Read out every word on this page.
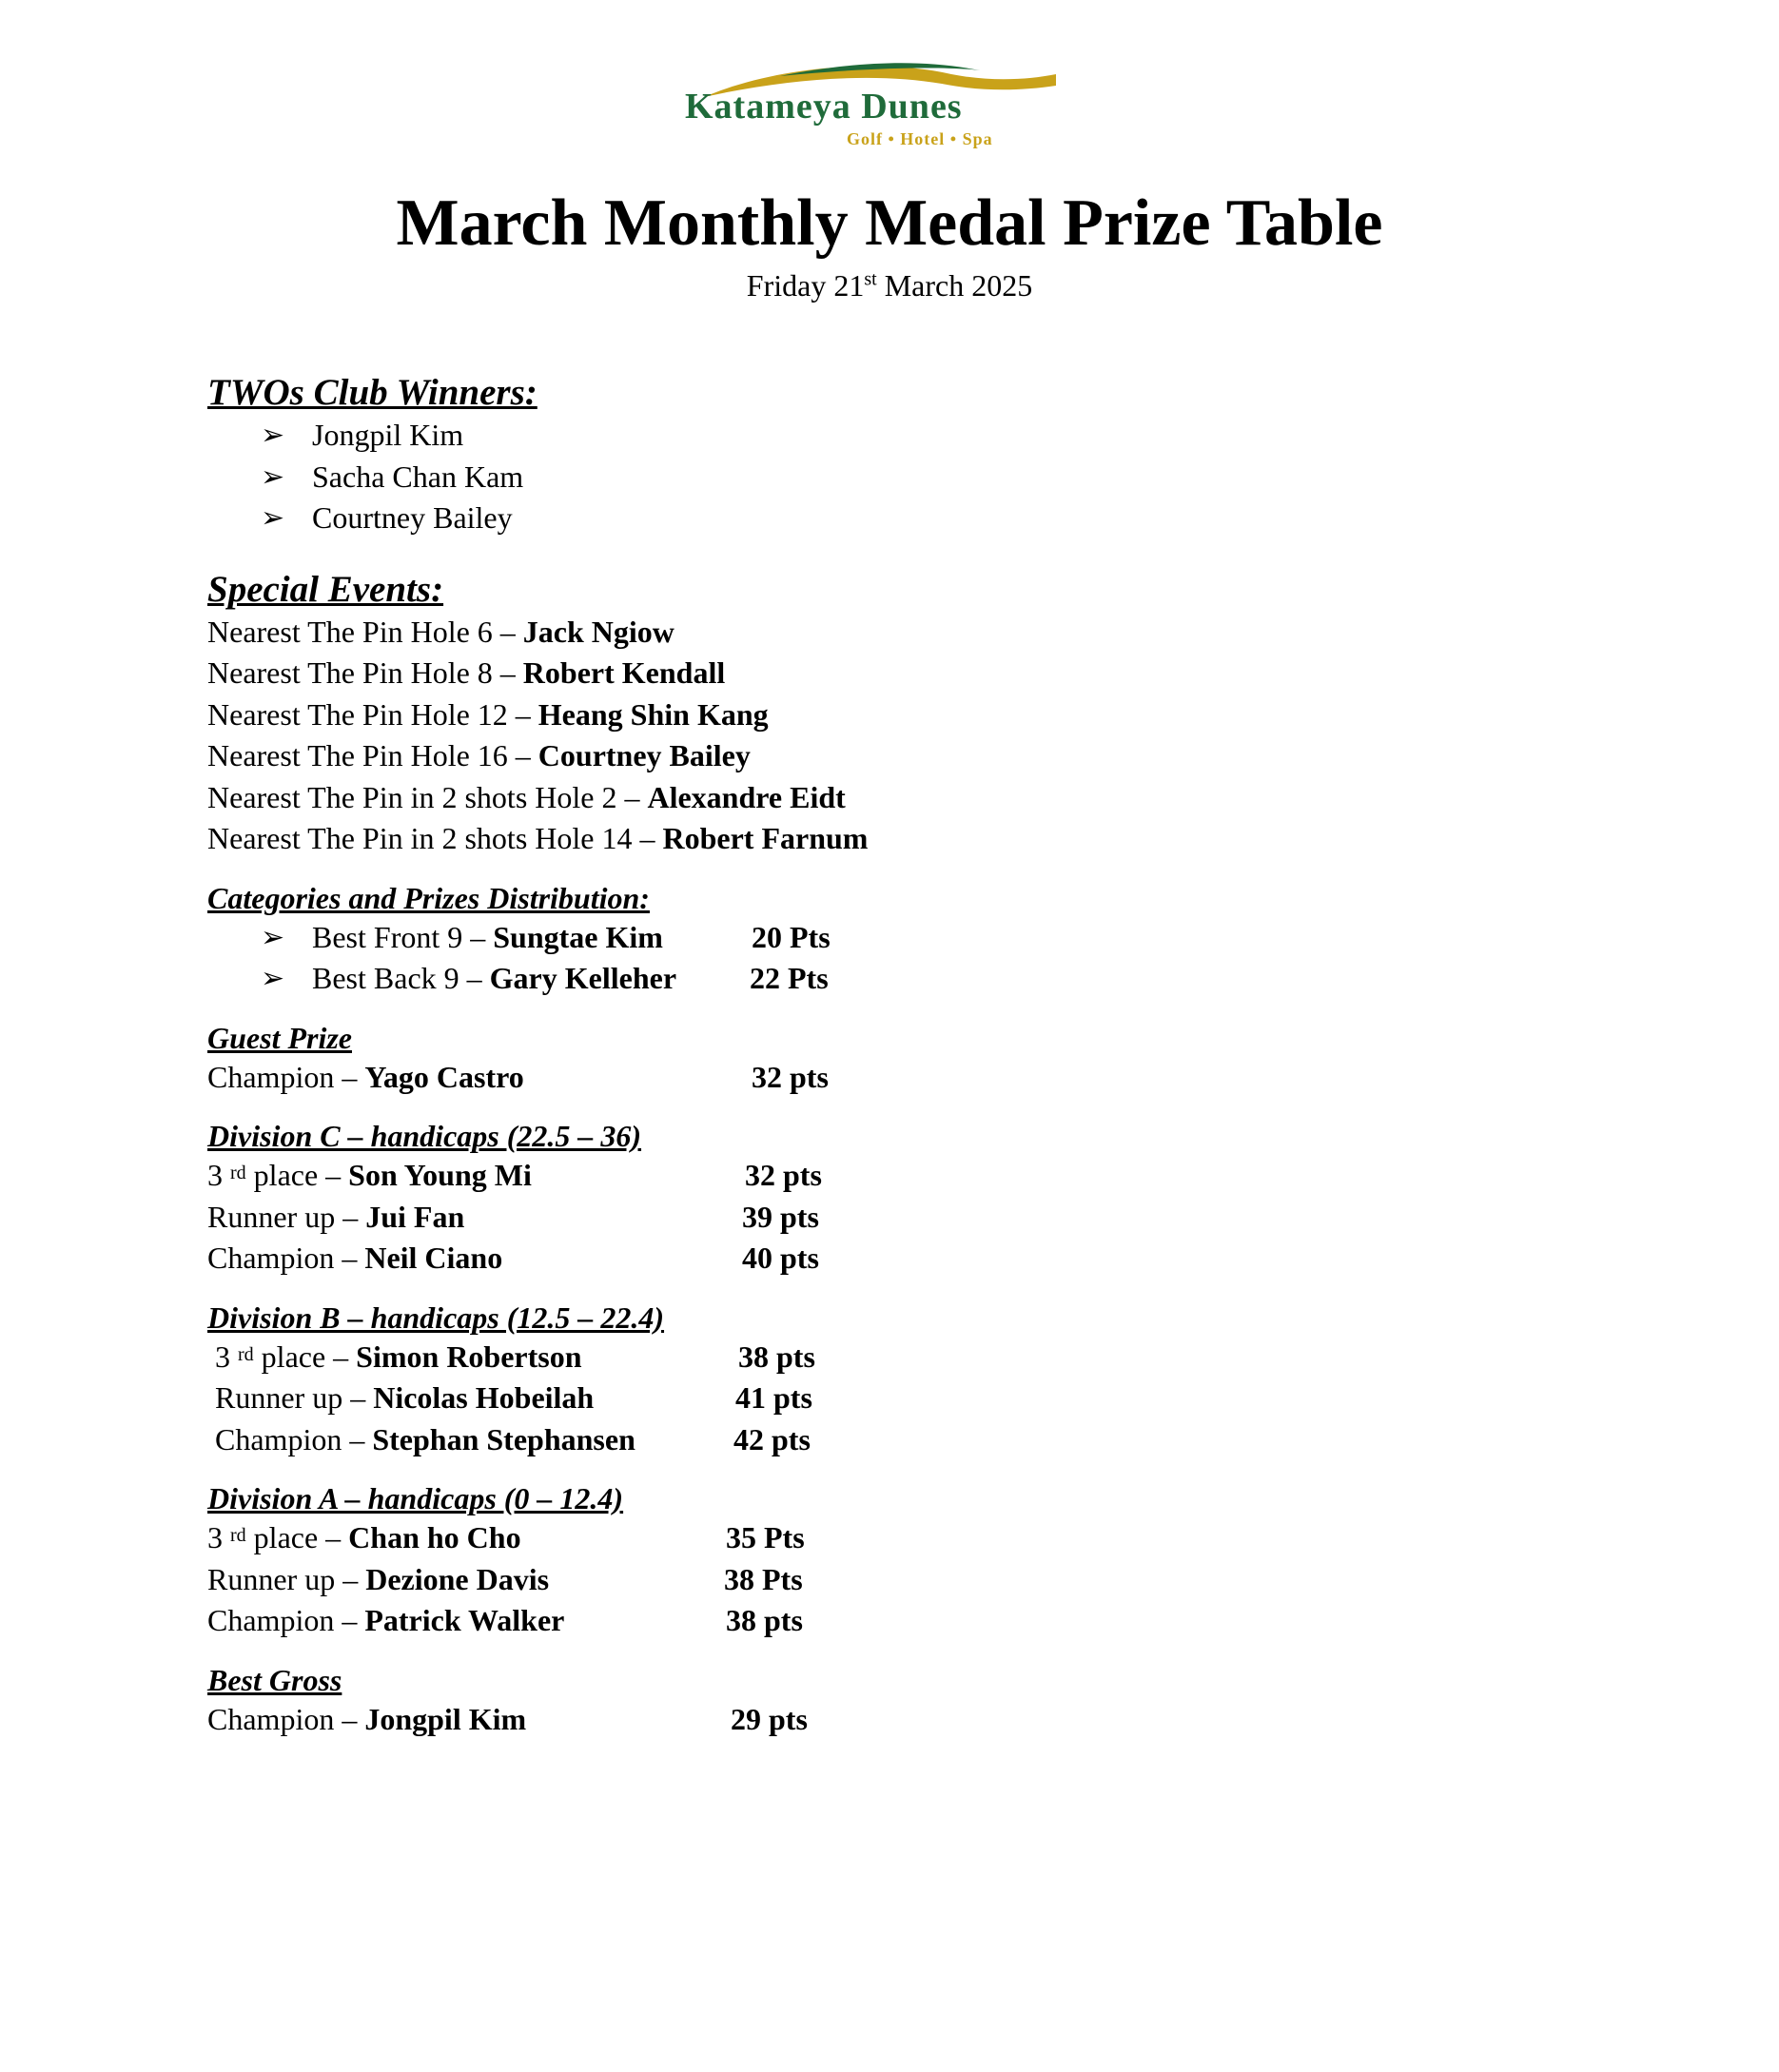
Katameya Dunes
Golf • Hotel • Spa
March Monthly Medal Prize Table
Friday 21st March 2025

TWOs Club Winners:

➢ Jongpil Kim
➢ Sacha Chan Kam
➢ Courtney Bailey

Special Events:

Nearest The Pin Hole 6 – Jack Ngiow
Nearest The Pin Hole 8 – Robert Kendall
Nearest The Pin Hole 12 – Heang Shin Kang
Nearest The Pin Hole 16 – Courtney Bailey
Nearest The Pin in 2 shots Hole 2 – Alexandre Eidt
Nearest The Pin in 2 shots Hole 14 – Robert Farnum

Categories and Prizes Distribution:

➢ Best Front 9 – Sungtae Kim	20 Pts
➢ Best Back 9 – Gary Kelleher 22 Pts

Guest Prize

Champion – Yago Castro	32 pts

Division C – handicaps (22.5 – 36)

3 $^{rd}$ place – Son Young Mi	32 pts
Runner up – Jui Fan	39 pts
Champion – Neil Ciano	40 pts

Division B – handicaps (12.5 – 22.4)

3 $^{rd}$ place – Simon Robertson	38 pts
Runner up – Nicolas Hobeilah	41 pts
Champion – Stephan Stephansen	42 pts

Division A – handicaps (0 – 12.4)

3 $^{rd}$ place – Chan ho Cho	35 Pts
Runner up – Dezione Davis	38 Pts
Champion – Patrick Walker	38 pts

Best Gross

Champion – Jongpil Kim	29 pts
